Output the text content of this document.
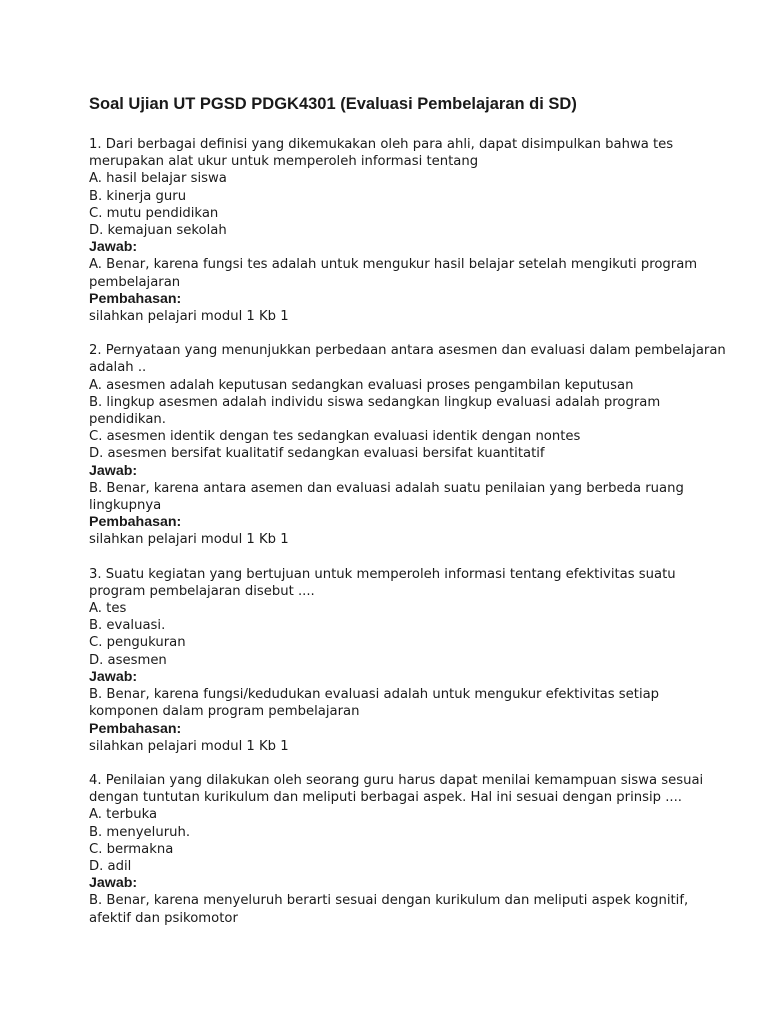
Soal Ujian UT PGSD PDGK4301 (Evaluasi Pembelajaran di SD)
1. Dari berbagai definisi yang dikemukakan oleh para ahli, dapat disimpulkan bahwa tes
merupakan alat ukur untuk memperoleh informasi tentang
A. hasil belajar siswa
B. kinerja guru
C. mutu pendidikan
D. kemajuan sekolah
Jawab:
A. Benar, karena fungsi tes adalah untuk mengukur hasil belajar setelah mengikuti program
pembelajaran
Pembahasan:
silahkan pelajari modul 1 Kb 1
2. Pernyataan yang menunjukkan perbedaan antara asesmen dan evaluasi dalam pembelajaran
adalah ..
A. asesmen adalah keputusan sedangkan evaluasi proses pengambilan keputusan
B. lingkup asesmen adalah individu siswa sedangkan lingkup evaluasi adalah program
pendidikan.
C. asesmen identik dengan tes sedangkan evaluasi identik dengan nontes
D. asesmen bersifat kualitatif sedangkan evaluasi bersifat kuantitatif
Jawab:
B. Benar, karena antara asemen dan evaluasi adalah suatu penilaian yang berbeda ruang
lingkupnya
Pembahasan:
silahkan pelajari modul 1 Kb 1
3. Suatu kegiatan yang bertujuan untuk memperoleh informasi tentang efektivitas suatu
program pembelajaran disebut ....
A. tes
B. evaluasi.
C. pengukuran
D. asesmen
Jawab:
B. Benar, karena fungsi/kedudukan evaluasi adalah untuk mengukur efektivitas setiap
komponen dalam program pembelajaran
Pembahasan:
silahkan pelajari modul 1 Kb 1
4. Penilaian yang dilakukan oleh seorang guru harus dapat menilai kemampuan siswa sesuai
dengan tuntutan kurikulum dan meliputi berbagai aspek. Hal ini sesuai dengan prinsip ....
A. terbuka
B. menyeluruh.
C. bermakna
D. adil
Jawab:
B. Benar, karena menyeluruh berarti sesuai dengan kurikulum dan meliputi aspek kognitif,
afektif dan psikomotor
